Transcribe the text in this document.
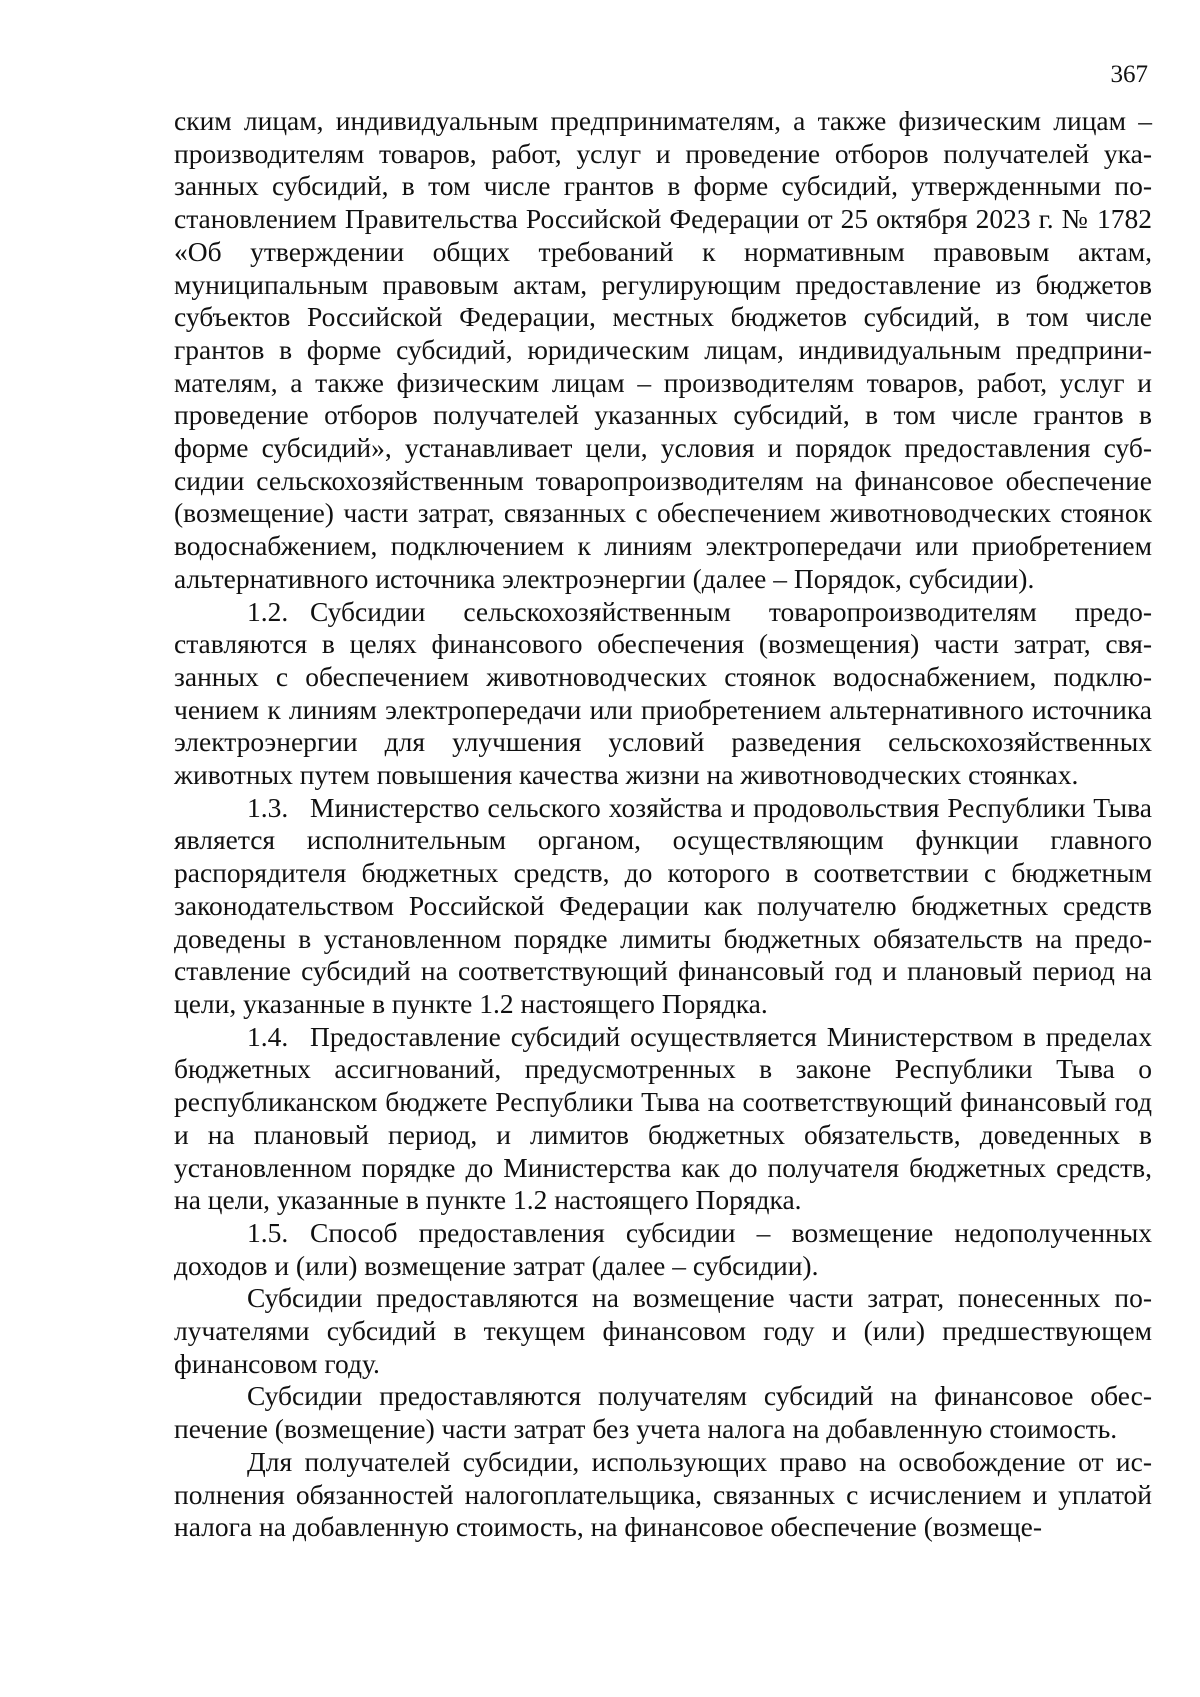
367

ским лицам, индивидуальным предпринимателям, а также физическим лицам – производителям товаров, работ, услуг и проведение отборов получателей указанных субсидий, в том числе грантов в форме субсидий, утвержденными постановлением Правительства Российской Федерации от 25 октября 2023 г. № 1782 «Об утверждении общих требований к нормативным правовым актам, муниципальным правовым актам, регулирующим предоставление из бюджетов субъектов Российской Федерации, местных бюджетов субсидий, в том числе грантов в форме субсидий, юридическим лицам, индивидуальным предпринимателям, а также физическим лицам – производителям товаров, работ, услуг и проведение отборов получателей указанных субсидий, в том числе грантов в форме субсидий», устанавливает цели, условия и порядок предоставления субсидии сельскохозяйственным товаропроизводителям на финансовое обеспечение (возмещение) части затрат, связанных с обеспечением животноводческих стоянок водоснабжением, подключением к линиям электропередачи или приобретением альтернативного источника электроэнергии (далее – Порядок, субсидии).

1.2. Субсидии сельскохозяйственным товаропроизводителям предоставляются в целях финансового обеспечения (возмещения) части затрат, связанных с обеспечением животноводческих стоянок водоснабжением, подключением к линиям электропередачи или приобретением альтернативного источника электроэнергии для улучшения условий разведения сельскохозяйственных животных путем повышения качества жизни на животноводческих стоянках.

1.3. Министерство сельского хозяйства и продовольствия Республики Тыва является исполнительным органом, осуществляющим функции главного распорядителя бюджетных средств, до которого в соответствии с бюджетным законодательством Российской Федерации как получателю бюджетных средств доведены в установленном порядке лимиты бюджетных обязательств на предоставление субсидий на соответствующий финансовый год и плановый период на цели, указанные в пункте 1.2 настоящего Порядка.

1.4. Предоставление субсидий осуществляется Министерством в пределах бюджетных ассигнований, предусмотренных в законе Республики Тыва о республиканском бюджете Республики Тыва на соответствующий финансовый год и на плановый период, и лимитов бюджетных обязательств, доведенных в установленном порядке до Министерства как до получателя бюджетных средств, на цели, указанные в пункте 1.2 настоящего Порядка.

1.5. Способ предоставления субсидии – возмещение недополученных доходов и (или) возмещение затрат (далее – субсидии).

Субсидии предоставляются на возмещение части затрат, понесенных получателями субсидий в текущем финансовом году и (или) предшествующем финансовом году.

Субсидии предоставляются получателям субсидий на финансовое обеспечение (возмещение) части затрат без учета налога на добавленную стоимость.

Для получателей субсидии, использующих право на освобождение от исполнения обязанностей налогоплательщика, связанных с исчислением и уплатой налога на добавленную стоимость, на финансовое обеспечение (возмеще-
